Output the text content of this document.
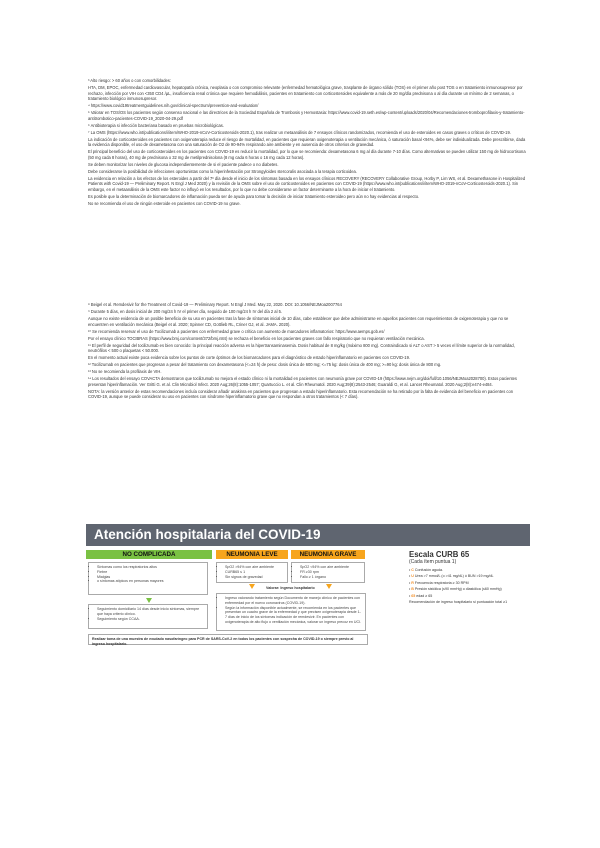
³ Alto riesgo: > 60 años o con comorbilidades:

HTA, DM, EPOC, enfermedad cardiovascular, hepatopatía crónica, neoplasia o con compromiso relevante (enfermedad hematológica grave, trasplante de órgano sólido (TOS) en el primer año post TOS o en tratamiento inmunosupresor por rechazo, infección por VIH con <350 CD4 /µL, insuficiencia renal crónica que requiere hemodiálisis, pacientes en tratamiento con corticosteroides equivalente a más de 20 mg/día prednisona o al día durante un mínimo de 2 semanas, o tratamiento biológico inmunosupresor.

⁴ https://www.covid19treatmentguidelines.nih.gov/clinical-spectrum/prevention-and-evaluation/

⁵ Valorar en TOS/OS los pacientes según consenso nacional e las directrices de la Sociedad Española de Trombosis y Hemostasia: https://www.covid-19.seth.es/wp-content/uploads/2020/04/Recomendaciones-tromboprofilaxis-y-tratamiento-antitrombotico-pacientes-COVID-19_2020-04-29.pdf

⁶ Antibioterapia si infección bacteriana basado en pruebas microbiológicas.

⁷ La OMS (https://www.who.int/publications/i/item/WHO-2019-nCoV-Corticosteroids-2020.1), tras realizar un metaanálisis de 7 ensayos clínicos randomizados, recomienda el uso de esteroides en casos graves o críticos de COVID-19.

La indicación de corticosteroides en pacientes con oxigenoterapia reduce el riesgo de mortalidad, en pacientes que requieran oxigenoterapia o ventilación mecánica, ó saturación basal <94%, debe ser individualizada. Debe prescribirse, dada la evidencia disponible, el uso de dexametasona con una saturación de O2 de 90-94% respirando aire ambiente y en ausencia de otros criterios de gravedad.

El principal beneficio del uso de corticosteroides en los pacientes con COVID-19 es reducir la mortalidad, por lo que se recomienda: dexametasona 6 mg al día durante 7-10 días. Como alternativas se pueden utilizar 150 mg de hidrocortisona (50 mg cada 8 horas), 40 mg de prednisona o 32 mg de metilprednisolona (8 mg cada 6 horas o 16 mg cada 12 horas).

Se deben monitorizar los niveles de glucosa independientemente de si el paciente padece o no diabetes.

Debe considerarse la posibilidad de infecciones oportunistas como la hiperinfestación por Strongyloides stercoralis asociada a la terapia corticoidea.

La evidencia en relación a los efectos de los esteroides a partir del 7º día desde el inicio de los síntomas basada en los ensayos clínicos RECOVERY (RECOVERY Collaborative Group, Horby P, Lim WS, et al. Dexamethasone in Hospitalized Patients with Covid-19 — Preliminary Report. N Engl J Med 2020) y la revisión de la OMS sobre el uso de corticosteroides en pacientes con COVID-19 (https://www.who.int/publications/i/item/WHO-2019-nCoV-Corticosteroids-2020.1). Sin embargo, en el metaanálisis de la OMS este factor no influyó en los resultados, por lo que no debe considerarse un factor determinante a la hora de iniciar el tratamiento.

Es posible que la determinación de biomarcadores de inflamación pueda ser de ayuda para tomar la decisión de iniciar tratamiento esteroideo pero aún no hay evidencias al respecto.

No se recomienda el uso de ningún esteroide en pacientes con COVID-19 no grave.

⁸ Beigel et al. Remdesivir for the Treatment of Covid-19 — Preliminary Report. N Engl J Med. May 22, 2020. DOI: 10.1056/NEJMoa2007764

⁹ Durante 5 días, en dosis inicial de 200 mg/24 h IV el primer día, seguido de 100 mg/24 h IV del día 2 al 5.

Aunque no existe evidencia de un posible beneficio de su uso en pacientes tras la fase de síntomas inicial de 10 días, cabe establecer que debe administrarse en aquellos pacientes con requerimientos de oxigenoterapia y que no se encuentren en ventilación mecánica (Beigel et al. 2020; Spinner CD, Gottlieb RL, Criner GJ, et al. JAMA. 2020).

¹⁰ Se recomienda reservar el uso de Tocilizumab a pacientes con enfermedad grave o crítica con aumento de marcadores inflamatorios: https://www.aemps.gob.es/

Por el ensayo clínico TOCIBRAS (https://www.bmj.com/content/372/bmj.n84) se rechaza el beneficio en los pacientes graves con fallo respiratorio que no requieran ventilación mecánica.

¹¹ El perfil de seguridad del tocilizumab es bien conocido: la principal reacción adversa es la hipertransaminasemia. Dosis habitual de 8 mg/kg (máximo 800 mg). Contraindicado si ALT o AST > 5 veces el límite superior de la normalidad, neutrófilos < 500 o plaquetas < 50.000.

En el momento actual existe poca evidencia sobre los puntos de corte óptimos de los biomarcadores para el diagnóstico de estado hiperinflamatorio en pacientes con COVID-19.

¹² Tocilizumab en pacientes que progresan a pesar del tratamiento con dexametasona (<=24 h) de peso: dosis única de 600 mg; <=75 kg: dosis única de 400 mg; >=90 kg: dosis única de 800 mg.

¹³ No se recomienda la profilaxis de VIH.

¹⁴ Los resultados del ensayo COVACTA demostraron que tocilizumab no mejora el estado clínico ni la mortalidad en pacientes con neumonía grave por COVID-19 (https://www.nejm.org/doi/full/10.1056/NEJMoa2028700). Estos pacientes presentan hiperinflamación. Ver Gritti G. et al. Clin Microbiol Infect. 2020 Aug;26(8):1055-1057; Quartuccio L. et al. Clin Rheumatol. 2020 Aug;39(8):2543-2546; Guaraldi G, et al. Lancet Rheumatol. 2020 Aug;2(8):e474-e484.

NOTA: la versión anterior de estas recomendaciones incluía considerar añadir anakinra en pacientes que progresan a estado hiperinflamatorio. Esta recomendación se ha retirado por la falta de evidencia del beneficio en pacientes con COVID-19, aunque se puede considerar su uso en pacientes con síndrome hiperinflamatorio grave que no respondan a otros tratamientos (< 7 días).

Atención hospitalaria del COVID-19
NO COMPLICADA	NEUMONIA LEVE	NEUMONIA GRAVE
• Síntomas como los respiratorios altos
• Fiebre
• Mialgias
• o síntomas atípicos en personas mayores
• SpO2 >94% con aire ambiente
• CURB65 ≤ 1
• Sin signos de gravedad
• SpO2 <94% con aire ambiente
• FR ≥30 rpm
• Fallo ≥ 1 órgano
Valorar: Ingreso hospitalario
• Seguimiento domiciliario 14 días desde inicio síntomas, siempre que haya criterio clínico.
• Seguimiento según CCAA.
• Ingreso valorando tratamiento según Documento de manejo clínico de pacientes con enfermedad por el nuevo coronavirus (COVID-19).
• Según la información disponible actualmente, se recomienda en los pacientes que presentan un cuadro grave de la enfermedad y que precisen oxigenoterapia desde 1-7 días de inicio de los síntomas indicación de remdesivir. En pacientes con oxigenoterapia de alto flujo o ventilación mecánica, valorar un ingreso precoz en UCI.
Realizar toma de una muestra de exudado nasofaríngeo para PCR de SARS-CoV-2 en todos los pacientes con sospecha de COVID-19 o siempre previo al ingreso hospitalario.
Escala CURB 65
(Cada ítem puntua 1)
• C Confusión aguda.
• U Urea >7 mmol/L (o >41 mg/dL) ó BUN >19 mg/dL
• R Frecuencia respiratoria ≥ 30 RPM
• B Presión sistólica (≤90 mmHg) o diastólica (≤60 mmHg)
• 65 edad ≥ 65
Recomendación de ingreso hospitalario si puntuación total ≥1
